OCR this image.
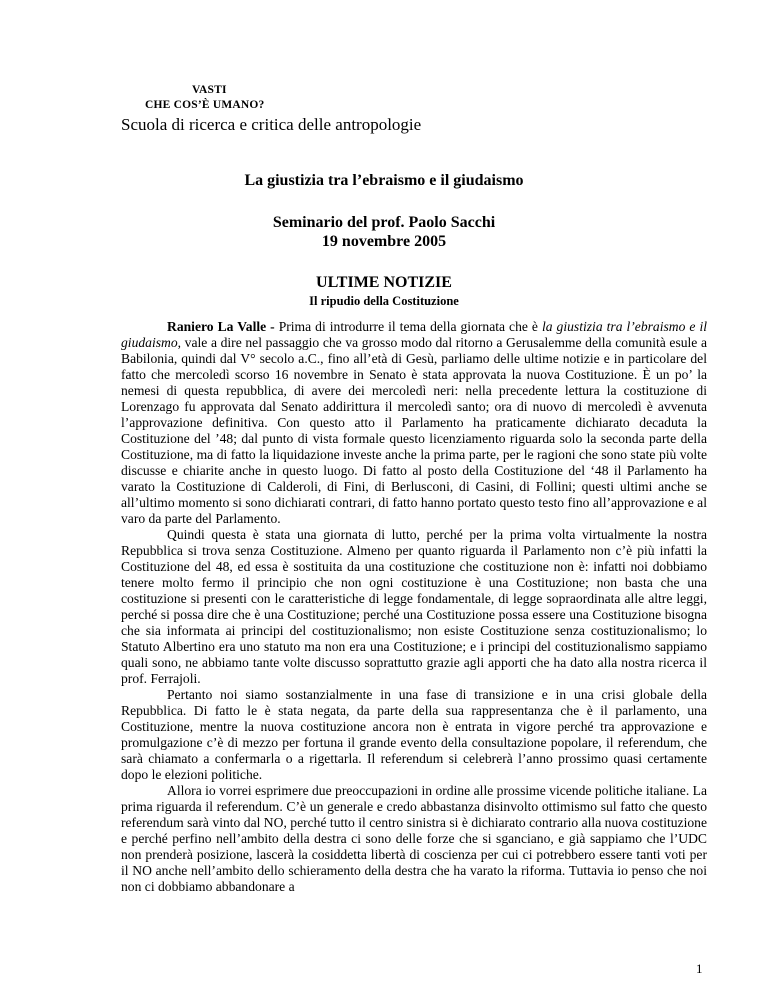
VASTI
CHE COS’È UMANO?
Scuola di ricerca e critica delle antropologie
La giustizia tra l’ebraismo e il giudaismo
Seminario del prof. Paolo Sacchi
19 novembre 2005
ULTIME NOTIZIE
Il ripudio della Costituzione

Raniero La Valle - Prima di introdurre il tema della giornata che è la giustizia tra l’ebraismo e il giudaismo, vale a dire nel passaggio che va grosso modo dal ritorno a Gerusalemme della comunità esule a Babilonia, quindi dal V° secolo a.C., fino all’età di Gesù, parliamo delle ultime notizie e in particolare del fatto che mercoledì scorso 16 novembre in Senato è stata approvata la nuova Costituzione. È un po’ la nemesi di questa repubblica, di avere dei mercoledì neri: nella precedente lettura la costituzione di Lorenzago fu approvata dal Senato addirittura il mercoledì santo; ora di nuovo di mercoledì è avvenuta l’approvazione definitiva. Con questo atto il Parlamento ha praticamente dichiarato decaduta la Costituzione del ’48; dal punto di vista formale questo licenziamento riguarda solo la seconda parte della Costituzione, ma di fatto la liquidazione investe anche la prima parte, per le ragioni che sono state più volte discusse e chiarite anche in questo luogo. Di fatto al posto della Costituzione del ‘48 il Parlamento ha varato la Costituzione di Calderoli, di Fini, di Berlusconi, di Casini, di Follini; questi ultimi anche se all’ultimo momento si sono dichiarati contrari, di fatto hanno portato questo testo fino all’approvazione e al varo da parte del Parlamento.

Quindi questa è stata una giornata di lutto, perché per la prima volta virtualmente la nostra Repubblica si trova senza Costituzione. Almeno per quanto riguarda il Parlamento non c’è più infatti la Costituzione del 48, ed essa è sostituita da una costituzione che costituzione non è: infatti noi dobbiamo tenere molto fermo il principio che non ogni costituzione è una Costituzione; non basta che una costituzione si presenti con le caratteristiche di legge fondamentale, di legge sopraordinata alle altre leggi, perché si possa dire che è una Costituzione; perché una Costituzione possa essere una Costituzione bisogna che sia informata ai principi del costituzionalismo; non esiste Costituzione senza costituzionalismo; lo Statuto Albertino era uno statuto ma non era una Costituzione; e i principi del costituzionalismo sappiamo quali sono, ne abbiamo tante volte discusso soprattutto grazie agli apporti che ha dato alla nostra ricerca il prof. Ferrajoli.

Pertanto noi siamo sostanzialmente in una fase di transizione e in una crisi globale della Repubblica. Di fatto le è stata negata, da parte della sua rappresentanza che è il parlamento, una Costituzione, mentre la nuova costituzione ancora non è entrata in vigore perché tra approvazione e promulgazione c’è di mezzo per fortuna il grande evento della consultazione popolare, il referendum, che sarà chiamato a confermarla o a rigettarla. Il referendum si celebrerà l’anno prossimo quasi certamente dopo le elezioni politiche.

Allora io vorrei esprimere due preoccupazioni in ordine alle prossime vicende politiche italiane. La prima riguarda il referendum. C’è un generale e credo abbastanza disinvolto ottimismo sul fatto che questo referendum sarà vinto dal NO, perché tutto il centro sinistra si è dichiarato contrario alla nuova costituzione e perché perfino nell’ambito della destra ci sono delle forze che si sganciano, e già sappiamo che l’UDC non prenderà posizione, lascerà la cosiddetta libertà di coscienza per cui ci potrebbero essere tanti voti per il NO anche nell’ambito dello schieramento della destra che ha varato la riforma. Tuttavia io penso che noi non ci dobbiamo abbandonare a

1
